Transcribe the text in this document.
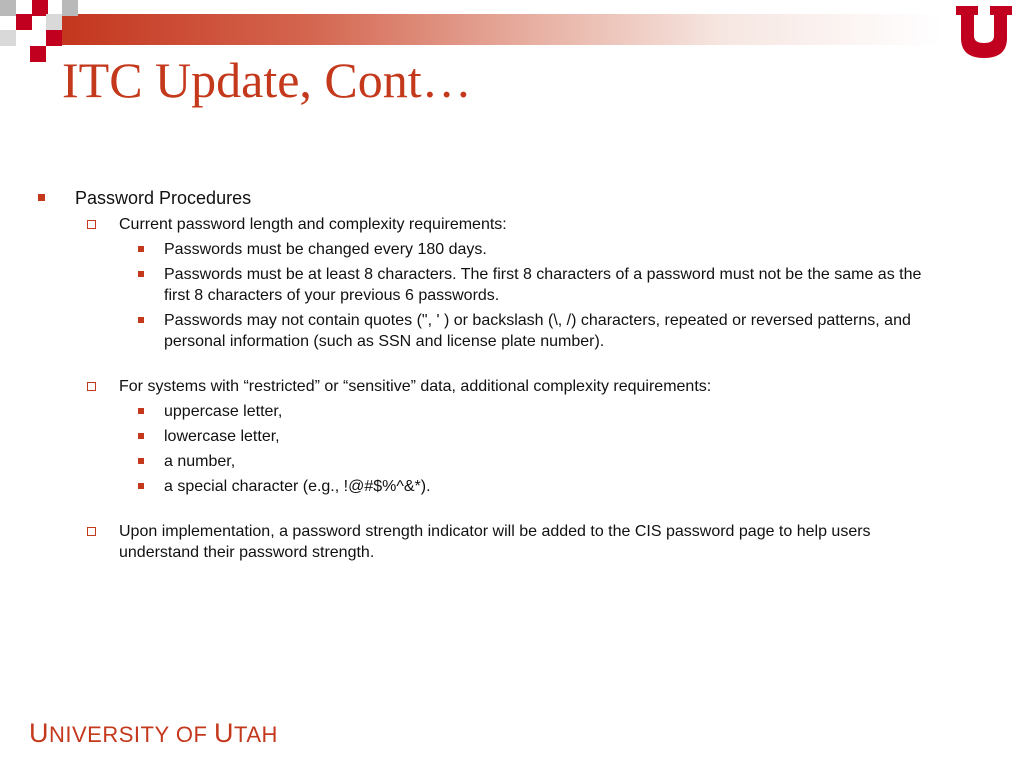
ITC Update, Cont…
Password Procedures
Current password length and complexity requirements:
Passwords must be changed every 180 days.
Passwords must be at least 8 characters. The first 8 characters of a password must not be the same as the first 8 characters of your previous 6 passwords.
Passwords may not contain quotes (", ' ) or backslash (\, /) characters, repeated or reversed patterns, and personal information (such as SSN and license plate number).
For systems with “restricted” or “sensitive” data, additional complexity requirements:
uppercase letter,
lowercase letter,
a number,
a special character (e.g., !@#$%^&*).
Upon implementation, a password strength indicator will be added to the CIS password page to help users understand their password strength.
UNIVERSITY OF UTAH
